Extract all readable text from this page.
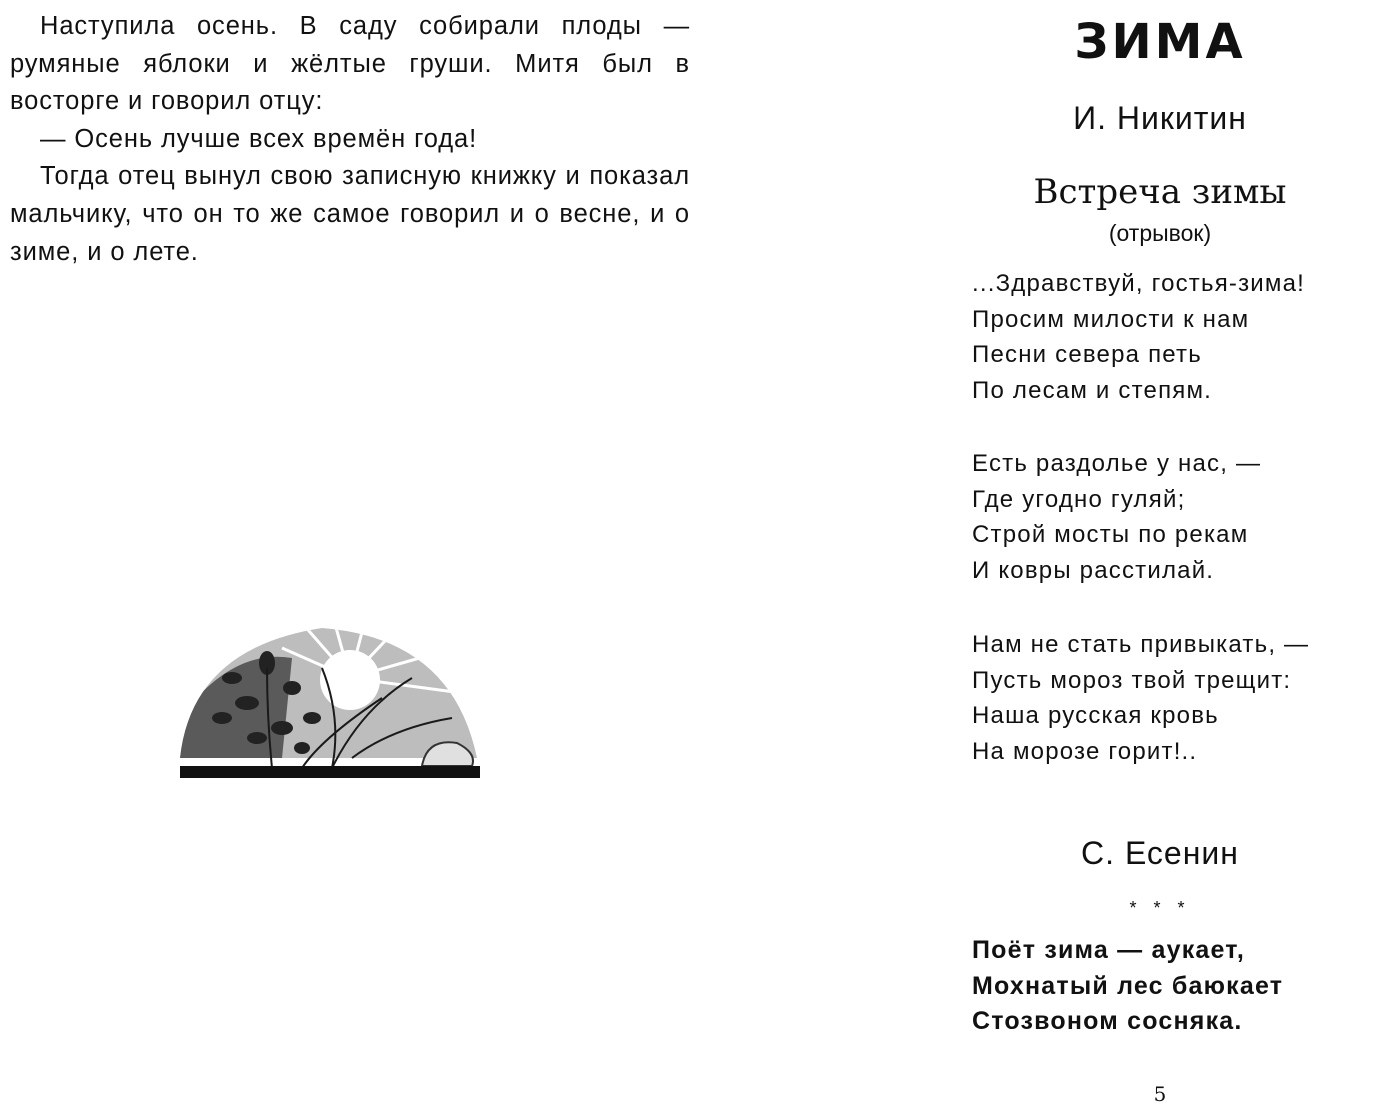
Наступила осень. В саду собирали плоды — румяные яблоки и жёлтые груши. Митя был в восторге и говорил отцу:

— Осень лучше всех времён года!

Тогда отец вынул свою записную книжку и показал мальчику, что он то же самое говорил и о весне, и о зиме, и о лете.

ЗИМА
И. Никитин
Встреча зимы
(отрывок)
...Здравствуй, гостья-зима!
Просим милости к нам
Песни севера петь
По лесам и степям.
Есть раздолье у нас, —
Где угодно гуляй;
Строй мосты по рекам
И ковры расстилай.
Нам не стать привыкать, —
Пусть мороз твой трещит:
Наша русская кровь
На морозе горит!..
С. Есенин
* * *
Поёт зима — аукает,
Мохнатый лес баюкает
Стозвоном сосняка.
5
